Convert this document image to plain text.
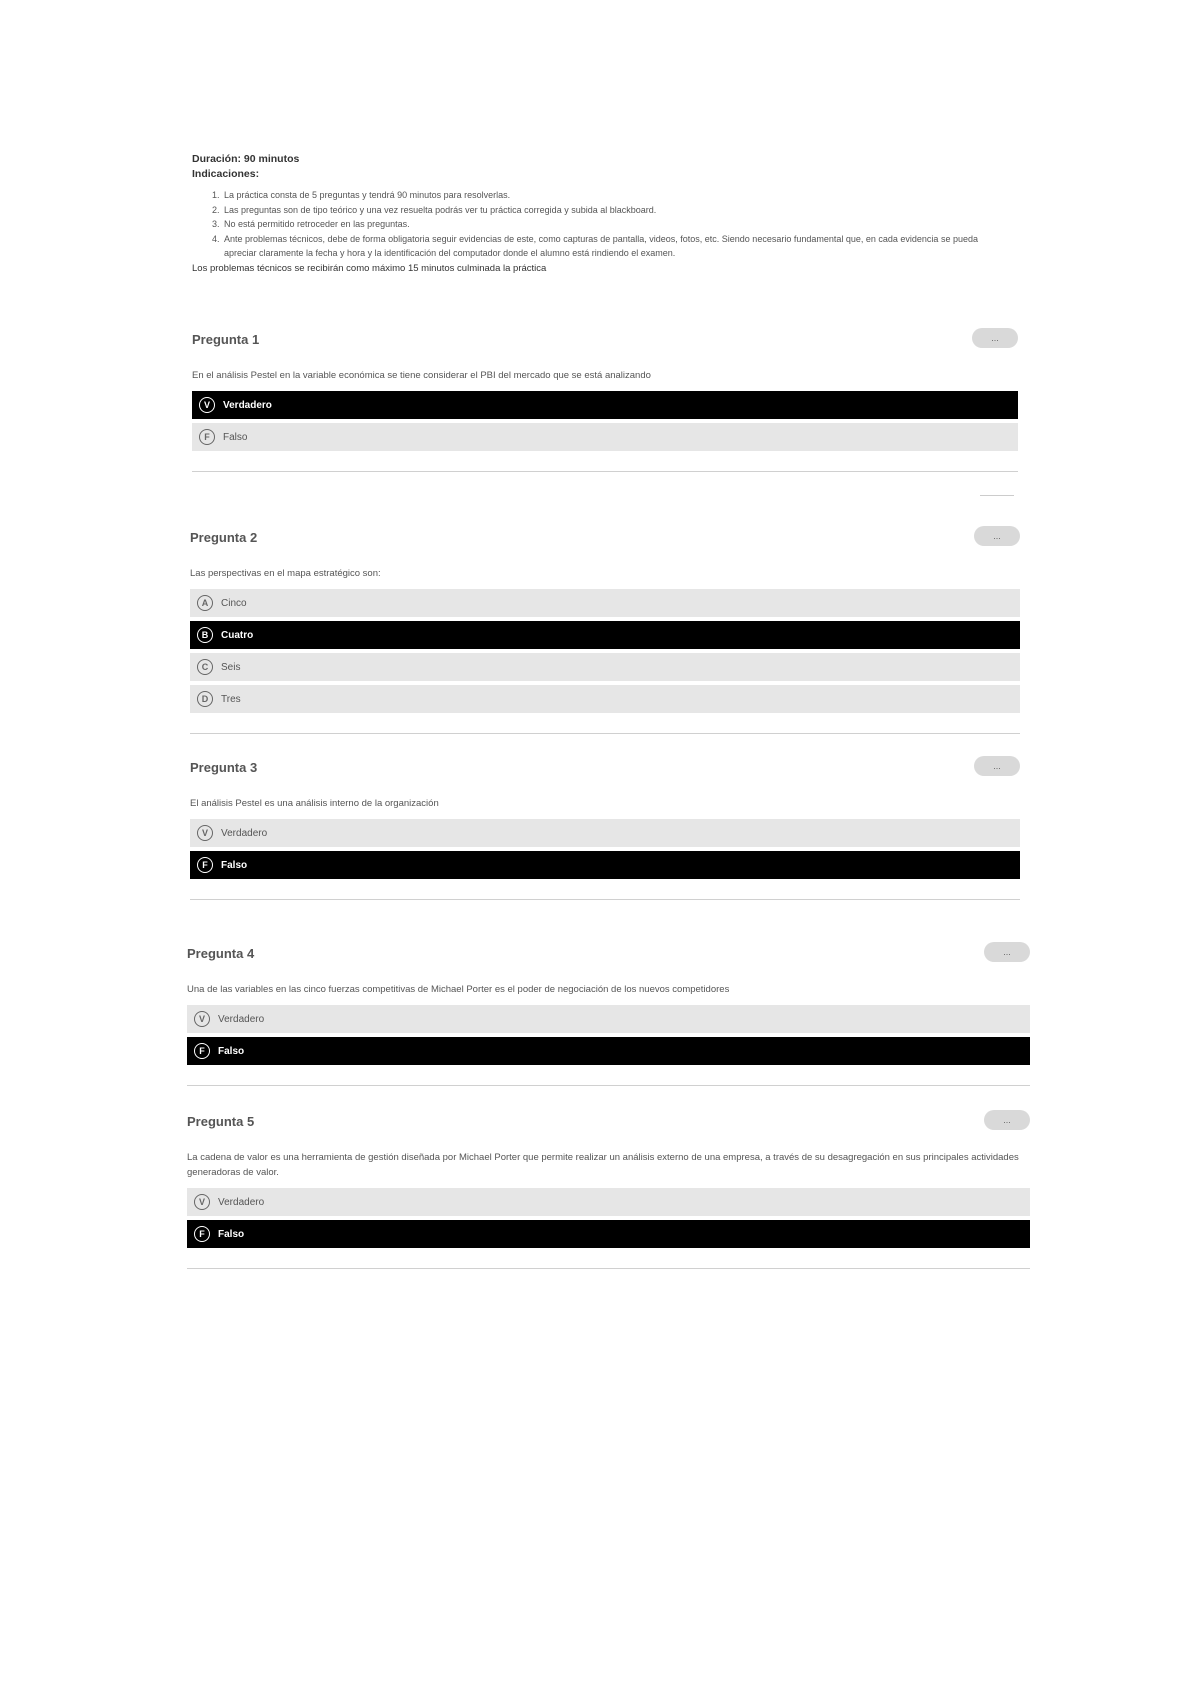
Duración: 90 minutos
Indicaciones:
1. La práctica consta de 5 preguntas y tendrá 90 minutos para resolverlas.
2. Las preguntas son de tipo teórico y una vez resuelta podrás ver tu práctica corregida y subida al blackboard.
3. No está permitido retroceder en las preguntas.
4. Ante problemas técnicos, debe de forma obligatoria seguir evidencias de este, como capturas de pantalla, videos, fotos, etc. Siendo necesario fundamental que, en cada evidencia se pueda apreciar claramente la fecha y hora y la identificación del computador donde el alumno está rindiendo el examen.
Los problemas técnicos se recibirán como máximo 15 minutos culminada la práctica
Pregunta 1	...
En el análisis Pestel en la variable económica se tiene considerar el PBI del mercado que se está analizando
V	Verdadero
F	Falso
Pregunta 2	...
Las perspectivas en el mapa estratégico son:
A	Cinco
B	Cuatro
C	Seis
D	Tres
Pregunta 3	...
El análisis Pestel es una análisis interno de la organización
V	Verdadero
F	Falso
Pregunta 4	...
Una de las variables en las cinco fuerzas competitivas de Michael Porter es el poder de negociación de los nuevos competidores
V	Verdadero
F	Falso
Pregunta 5	...
La cadena de valor es una herramienta de gestión diseñada por Michael Porter que permite realizar un análisis externo de una empresa, a través de su desagregación en sus principales actividades generadoras de valor.
V	Verdadero
F	Falso
